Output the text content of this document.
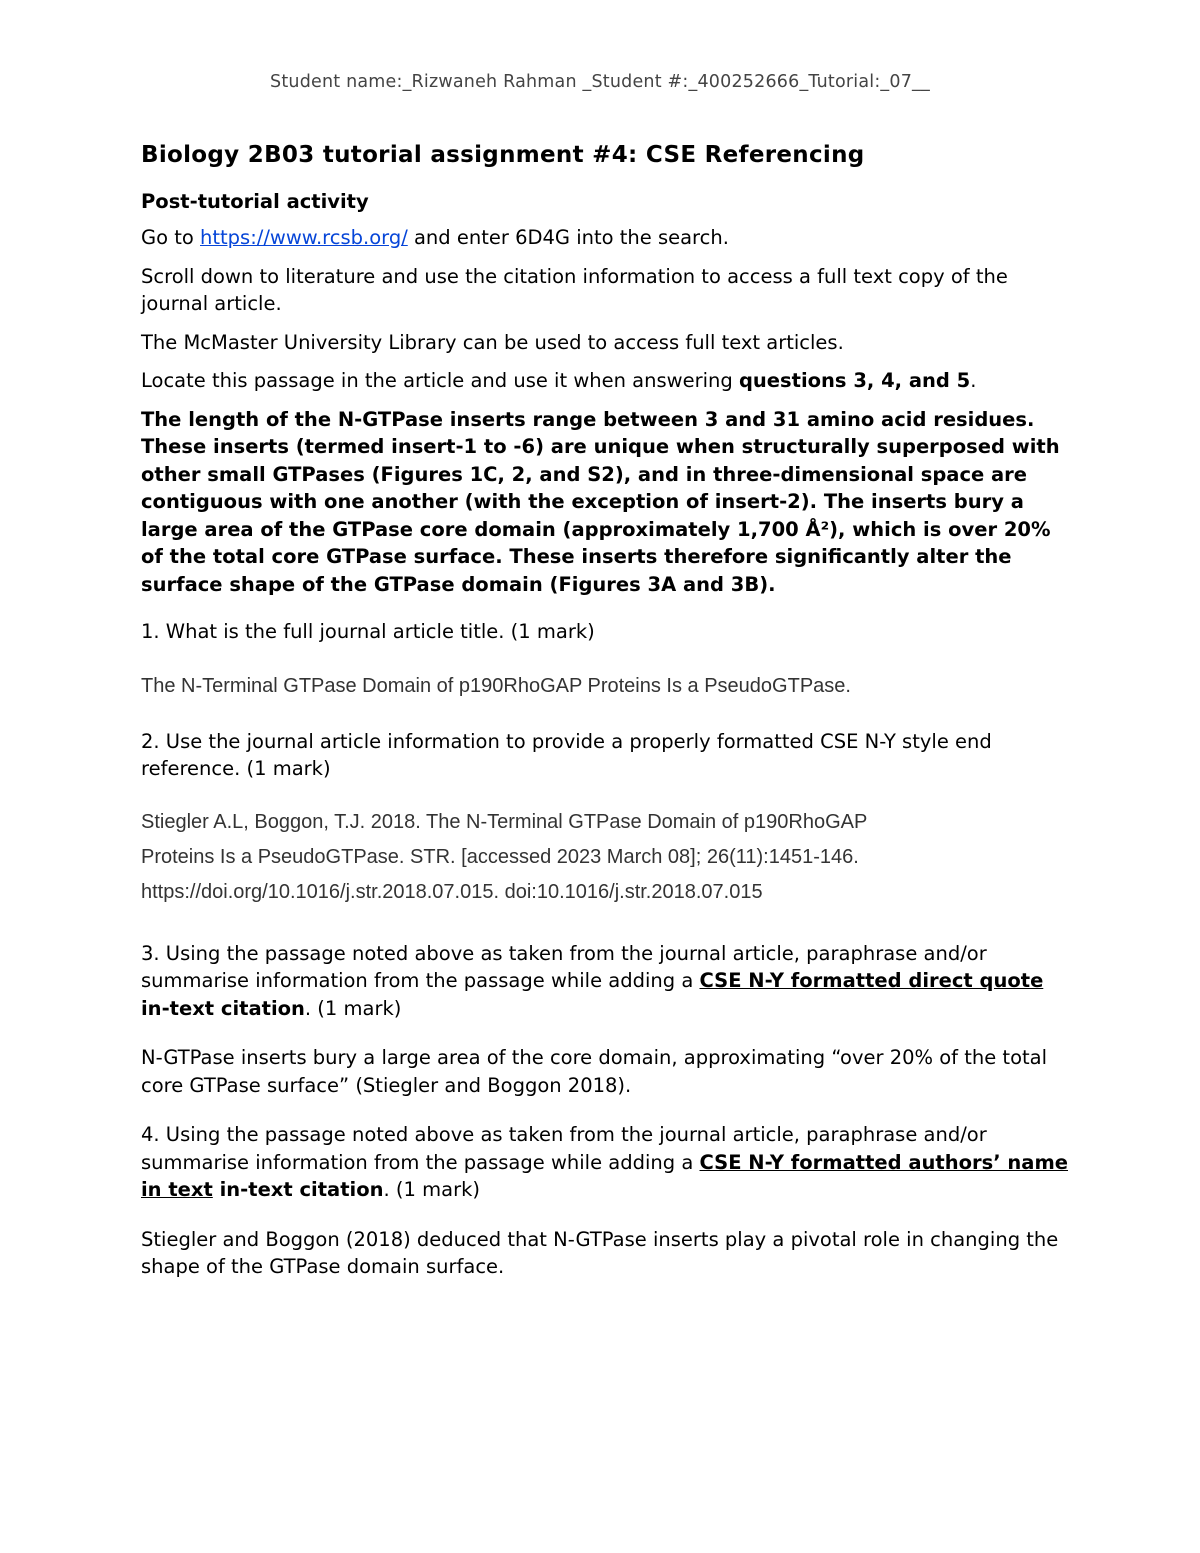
Student name:_Rizwaneh Rahman _Student #:_400252666_Tutorial:_07__
Biology 2B03 tutorial assignment #4: CSE Referencing
Post-tutorial activity

Go to https://www.rcsb.org/ and enter 6D4G into the search.

Scroll down to literature and use the citation information to access a full text copy of the journal article.

The McMaster University Library can be used to access full text articles.

Locate this passage in the article and use it when answering questions 3, 4, and 5.

The length of the N-GTPase inserts range between 3 and 31 amino acid residues. These inserts (termed insert-1 to -6) are unique when structurally superposed with other small GTPases (Figures 1C, 2, and S2), and in three-dimensional space are contiguous with one another (with the exception of insert-2). The inserts bury a large area of the GTPase core domain (approximately 1,700 Å²), which is over 20% of the total core GTPase surface. These inserts therefore significantly alter the surface shape of the GTPase domain (Figures 3A and 3B).

1. What is the full journal article title. (1 mark)

The N-Terminal GTPase Domain of p190RhoGAP Proteins Is a PseudoGTPase.

2. Use the journal article information to provide a properly formatted CSE N-Y style end reference. (1 mark)

Stiegler A.L, Boggon, T.J. 2018. The N-Terminal GTPase Domain of p190RhoGAP
Proteins Is a PseudoGTPase. STR. [accessed 2023 March 08]; 26(11):1451-146.
https://doi.org/10.1016/j.str.2018.07.015. doi:10.1016/j.str.2018.07.015

3. Using the passage noted above as taken from the journal article, paraphrase and/or summarise information from the passage while adding a CSE N-Y formatted direct quote in-text citation. (1 mark)

N-GTPase inserts bury a large area of the core domain, approximating “over 20% of the total core GTPase surface” (Stiegler and Boggon 2018).

4. Using the passage noted above as taken from the journal article, paraphrase and/or summarise information from the passage while adding a CSE N-Y formatted authors’ name in text in-text citation. (1 mark)

Stiegler and Boggon (2018) deduced that N-GTPase inserts play a pivotal role in changing the shape of the GTPase domain surface.
